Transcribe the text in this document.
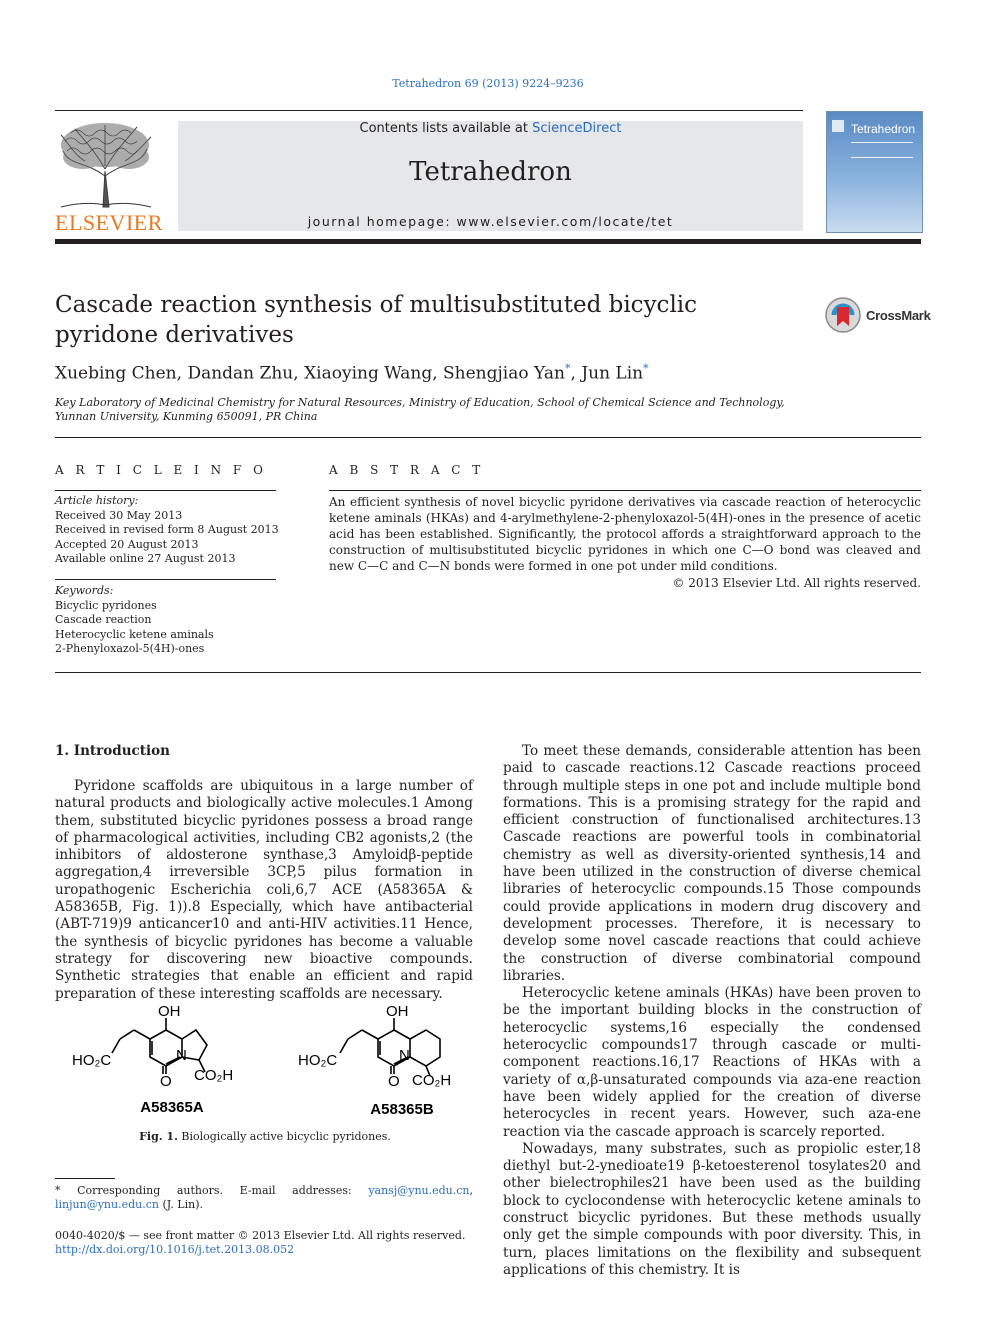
Tetrahedron 69 (2013) 9224–9236
ELSEVIER
Contents lists available at ScienceDirect
Tetrahedron
journal homepage: www.elsevier.com/locate/tet
Tetrahedron
Cascade reaction synthesis of multisubstituted bicyclic pyridone derivatives
CrossMark
Xuebing Chen, Dandan Zhu, Xiaoying Wang, Shengjiao Yan*, Jun Lin*
Key Laboratory of Medicinal Chemistry for Natural Resources, Ministry of Education, School of Chemical Science and Technology, Yunnan University, Kunming 650091, PR China
A R T I C L E I N F O
Article history:
Received 30 May 2013
Received in revised form 8 August 2013
Accepted 20 August 2013
Available online 27 August 2013
Keywords:
Bicyclic pyridones
Cascade reaction
Heterocyclic ketene aminals
2-Phenyloxazol-5(4H)-ones
A B S T R A C T
An efficient synthesis of novel bicyclic pyridone derivatives via cascade reaction of heterocyclic ketene aminals (HKAs) and 4-arylmethylene-2-phenyloxazol-5(4H)-ones in the presence of acetic acid has been established. Significantly, the protocol affords a straightforward approach to the construction of multisubstituted bicyclic pyridones in which one C—O bond was cleaved and new C—C and C—N bonds were formed in one pot under mild conditions.
© 2013 Elsevier Ltd. All rights reserved.
1. Introduction

Pyridone scaffolds are ubiquitous in a large number of natural products and biologically active molecules.1 Among them, substituted bicyclic pyridones possess a broad range of pharmacological activities, including CB2 agonists,2 (the inhibitors of aldosterone synthase,3 Amyloidβ-peptide aggregation,4 irreversible 3CP,5 pilus formation in uropathogenic Escherichia coli,6,7 ACE (A58365A & A58365B, Fig. 1)).8 Especially, which have antibacterial (ABT-719)9 anticancer10 and anti-HIV activities.11 Hence, the synthesis of bicyclic pyridones has become a valuable strategy for discovering new bioactive compounds. Synthetic strategies that enable an efficient and rapid preparation of these interesting scaffolds are necessary.

To meet these demands, considerable attention has been paid to cascade reactions.12 Cascade reactions proceed through multiple steps in one pot and include multiple bond formations. This is a promising strategy for the rapid and efficient construction of functionalised architectures.13 Cascade reactions are powerful tools in combinatorial chemistry as well as diversity-oriented synthesis,14 and have been utilized in the construction of diverse chemical libraries of heterocyclic compounds.15 Those compounds could provide applications in modern drug discovery and development processes. Therefore, it is necessary to develop some novel cascade reactions that could achieve the construction of diverse combinatorial compound libraries.

Heterocyclic ketene aminals (HKAs) have been proven to be the important building blocks in the construction of heterocyclic systems,16 especially the condensed heterocyclic compounds17 through cascade or multi-component reactions.16,17 Reactions of HKAs with a variety of α,β-unsaturated compounds via aza-ene reaction have been widely applied for the creation of diverse heterocycles in recent years. However, such aza-ene reaction via the cascade approach is scarcely reported.

Nowadays, many substrates, such as propiolic ester,18 diethyl but-2-ynedioate19 β-ketoesterenol tosylates20 and other bielectrophiles21 have been used as the building block to cyclocondense with heterocyclic ketene aminals to construct bicyclic pyridones. But these methods usually only get the simple compounds with poor diversity. This, in turn, places limitations on the flexibility and subsequent applications of this chemistry. It is

OH
HO₂C	N
O CO₂H
OH
HO₂C	N
O CO₂H
A58365A	A58365B
Fig. 1. Biologically active bicyclic pyridones.
* Corresponding authors. E-mail addresses: yansj@ynu.edu.cn, linjun@ynu.edu.cn (J. Lin).
0040-4020/$ — see front matter © 2013 Elsevier Ltd. All rights reserved.
http://dx.doi.org/10.1016/j.tet.2013.08.052
